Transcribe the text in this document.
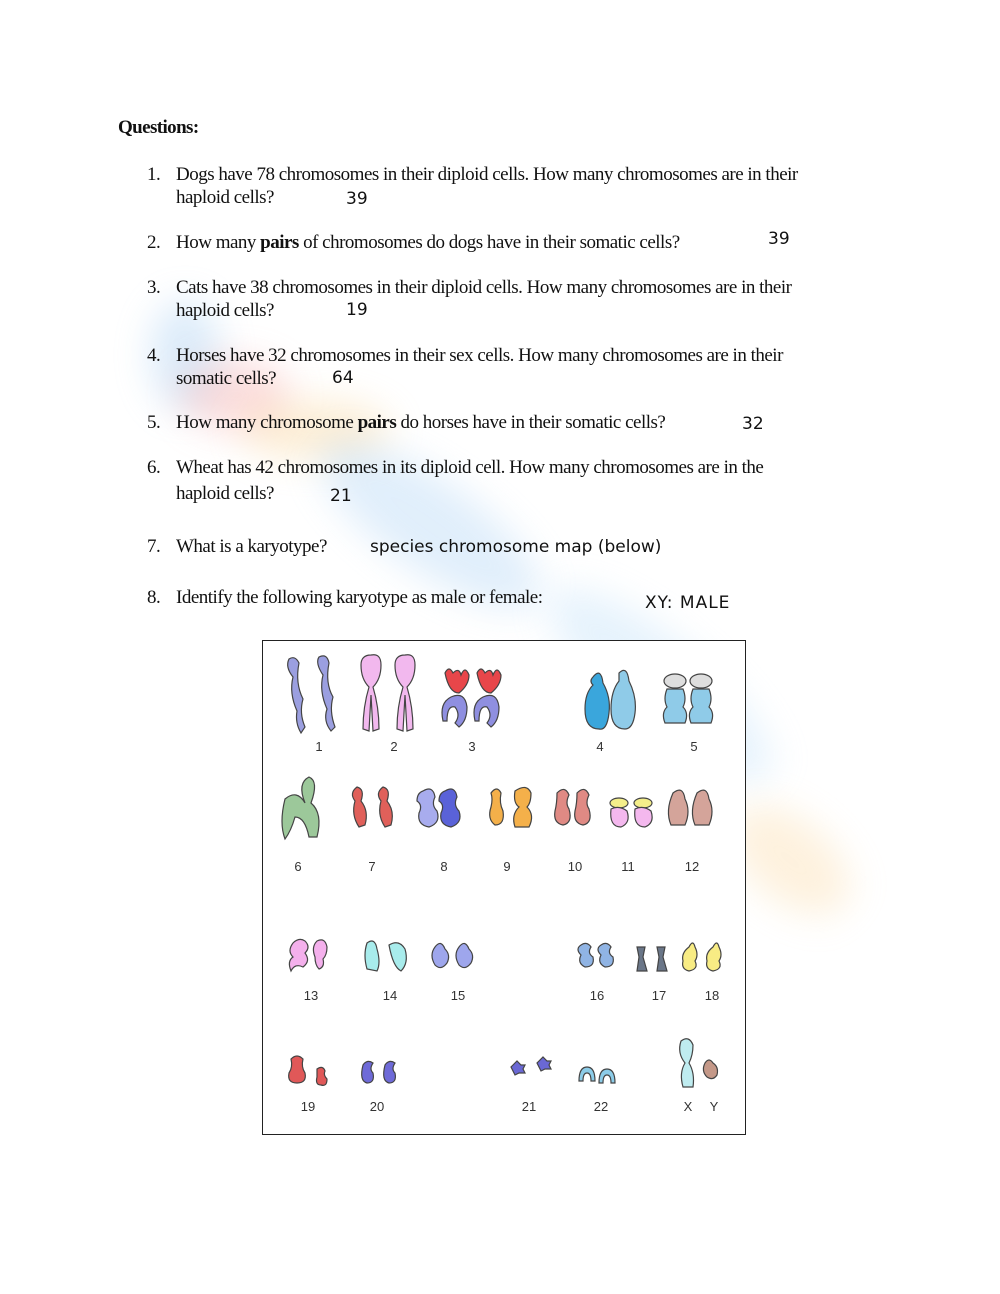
Questions:
1. Dogs have 78 chromosomes in their diploid cells. How many chromosomes are in their
haploid cells?	39
2. How many pairs of chromosomes do dogs have in their somatic cells?	39
3. Cats have 38 chromosomes in their diploid cells. How many chromosomes are in their
haploid cells?	19
4. Horses have 32 chromosomes in their sex cells. How many chromosomes are in their
somatic cells?	64
5. How many chromosome pairs do horses have in their somatic cells?	32
6. Wheat has 42 chromosomes in its diploid cell. How many chromosomes are in the
haploid cells?	21
7. What is a karyotype?	species chromosome map (below)
8. Identify the following karyotype as male or female:	XY: MALE
1	2	3	4	5
6	7	8	9	10	11	12
13	14	15	16	17	18
19	20	21	22	X Y
